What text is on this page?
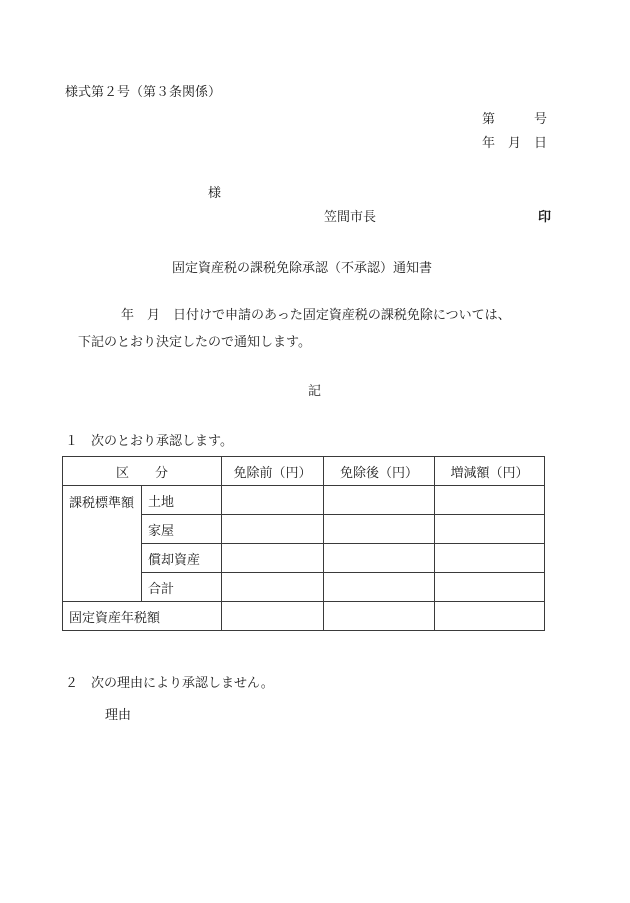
様式第２号（第３条関係）
第　　　号
年　月　日
様
笠間市長	印
固定資産税の課税免除承認（不承認）通知書
年　月　日付けで申請のあった固定資産税の課税免除については、
下記のとおり決定したので通知します。
記
１　次のとおり承認します。
区　　分		免除前（円）	免除後（円）	増減額（円）
課税標準額	土地			
	家屋			
	償却資産			
	合計			
固定資産年税額				
２　次の理由により承認しません。
理由
